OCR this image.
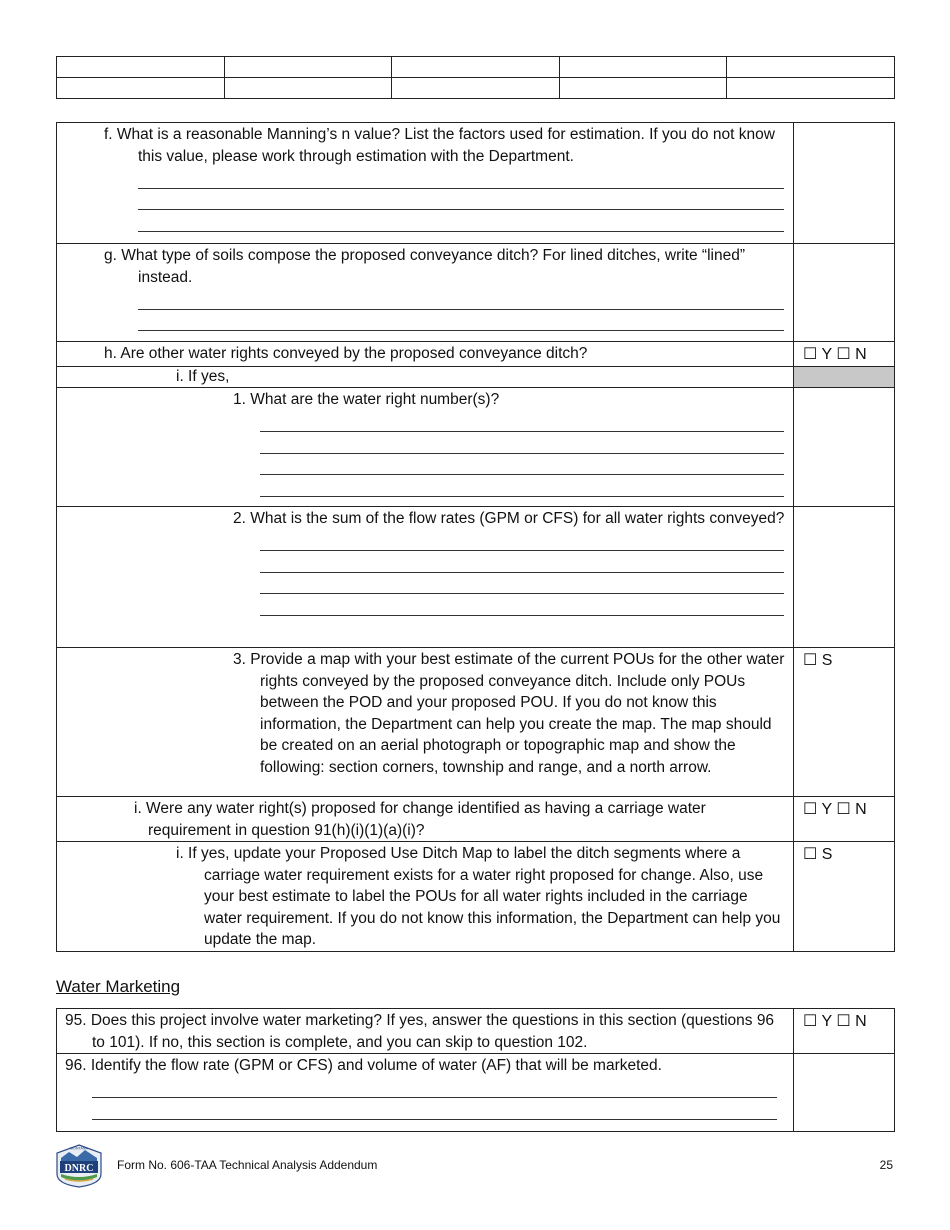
f. What is a reasonable Manning’s n value? List the factors used for estimation. If you do not know this value, please work through estimation with the Department.	

g. What type of soils compose the proposed conveyance ditch? For lined ditches, write “lined” instead.	

h. Are other water rights conveyed by the proposed conveyance ditch?	☐ Y ☐ N

i. If yes,	

1. What are the water right number(s)?	

2. What is the sum of the flow rates (GPM or CFS) for all water rights conveyed?	

3. Provide a map with your best estimate of the current POUs for the other water rights conveyed by the proposed conveyance ditch. Include only POUs between the POD and your proposed POU. If you do not know this information, the Department can help you create the map. The map should be created on an aerial photograph or topographic map and show the following: section corners, township and range, and a north arrow.	☐ S

i. Were any water right(s) proposed for change identified as having a carriage water requirement in question 91(h)(i)(1)(a)(i)?	☐ Y ☐ N

i. If yes, update your Proposed Use Ditch Map to label the ditch segments where a carriage water requirement exists for a water right proposed for change. Also, use your best estimate to label the POUs for all water rights included in the carriage water requirement. If you do not know this information, the Department can help you update the map.	☐ S
Water Marketing
95. Does this project involve water marketing? If yes, answer the questions in this section (questions 96 to 101). If no, this section is complete, and you can skip to question 102.	☐ Y ☐ N

96. Identify the flow rate (GPM or CFS) and volume of water (AF) that will be marketed.	

MONTANA
DNRC Form No. 606-TAA Technical Analysis Addendum	25
